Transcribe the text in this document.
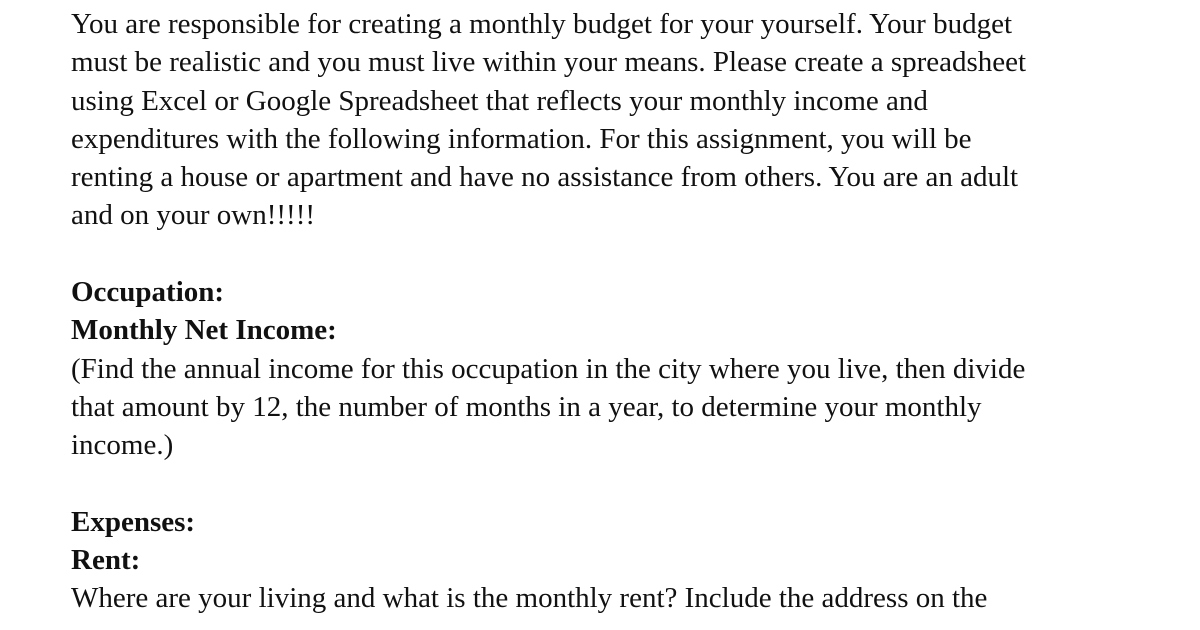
You are responsible for creating a monthly budget for your yourself. Your budget
must be realistic and you must live within your means. Please create a spreadsheet
using Excel or Google Spreadsheet that reflects your monthly income and
expenditures with the following information. For this assignment, you will be
renting a house or apartment and have no assistance from others. You are an adult
and on your own!!!!!
Occupation:
Monthly Net Income:
(Find the annual income for this occupation in the city where you live, then divide
that amount by 12, the number of months in a year, to determine your monthly
income.)
Expenses:
Rent:
Where are your living and what is the monthly rent? Include the address on the
